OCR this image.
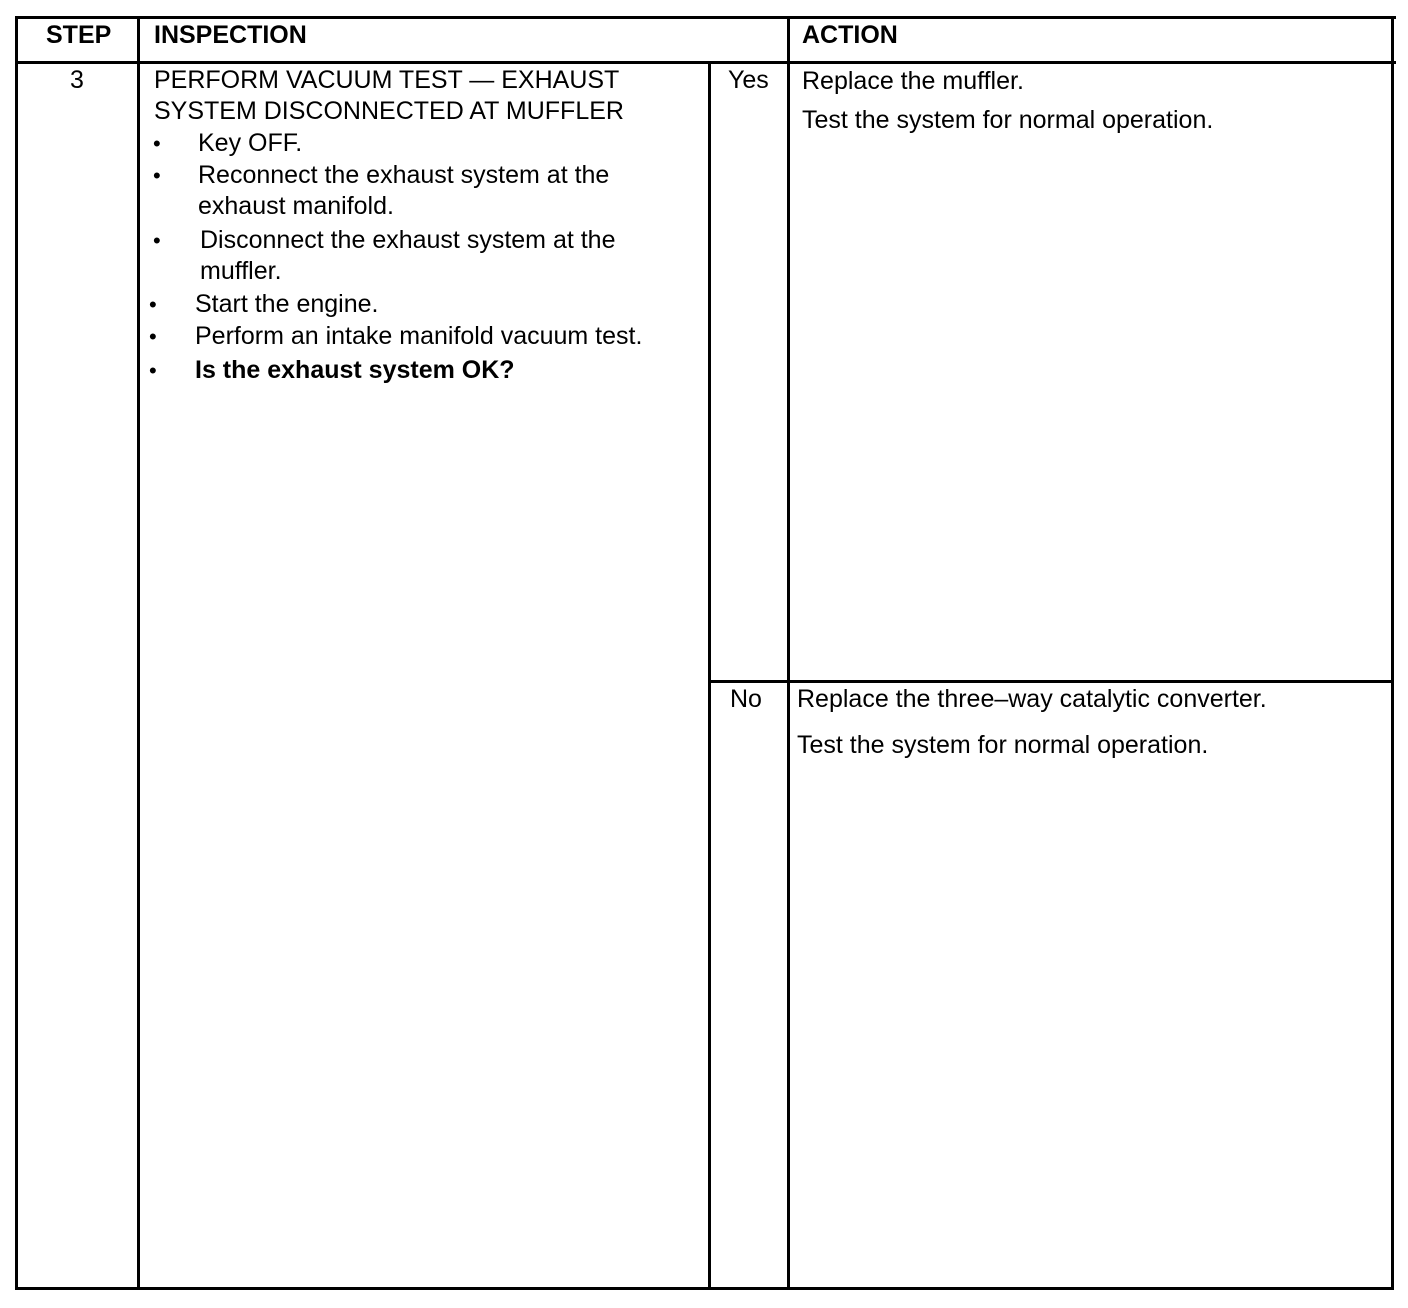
STEP INSPECTION	ACTION
3	PERFORM VACUUM TEST — EXHAUST
SYSTEM DISCONNECTED AT MUFFLER
• Key OFF.
• Reconnect the exhaust system at the
exhaust manifold.
• Disconnect the exhaust system at the
muffler.
• Start the engine.
• Perform an intake manifold vacuum test.
• Is the exhaust system OK?
Yes Replace the muffler.
Test the system for normal operation.
No Replace the three–way catalytic converter.
Test the system for normal operation.
